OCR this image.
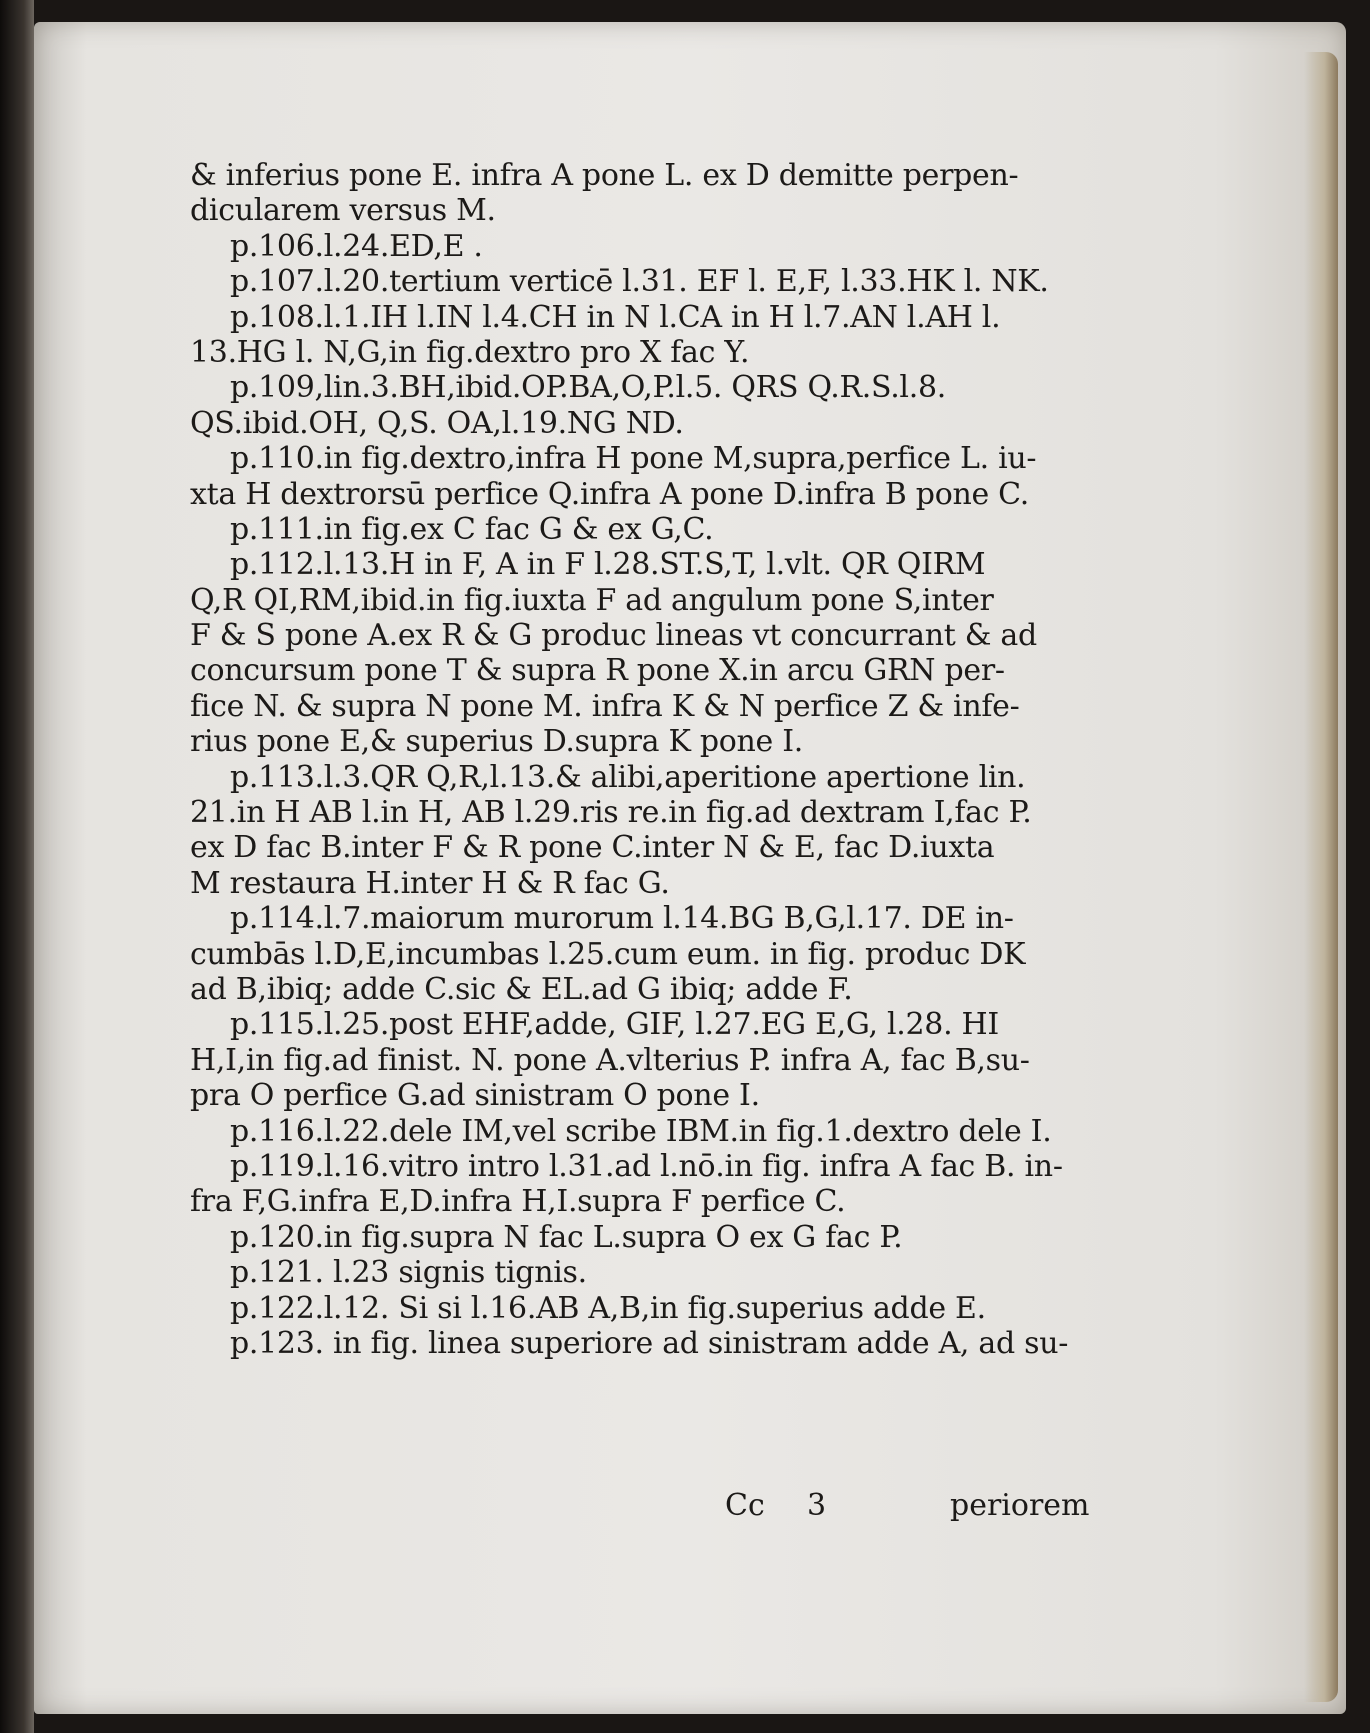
& inferius pone E. infra A pone L. ex D demitte perpen-
dicularem versus M.
p.106.l.24.ED,E .
p.107.l.20.tertium verticē l.31. EF l. E,F, l.33.HK l. NK.
p.108.l.1.IH l.IN l.4.CH in N l.CA in H l.7.AN l.AH l.
13.HG l. N,G,in fig.dextro pro X fac Y.
p.109,lin.3.BH,ibid.OP.BA,O,P.l.5. QRS Q.R.S.l.8.
QS.ibid.OH, Q,S. OA,l.19.NG ND.
p.110.in fig.dextro,infra H pone M,supra,perfice L. iu-
xta H dextrorsū perfice Q.infra A pone D.infra B pone C.
p.111.in fig.ex C fac G & ex G,C.
p.112.l.13.H in F, A in F l.28.ST.S,T, l.vlt. QR QIRM
Q,R QI,RM,ibid.in fig.iuxta F ad angulum pone S,inter
F & S pone A.ex R & G produc lineas vt concurrant & ad
concursum pone T & supra R pone X.in arcu GRN per-
fice N. & supra N pone M. infra K & N perfice Z & infe-
rius pone E,& superius D.supra K pone I.
p.113.l.3.QR Q,R,l.13.& alibi,aperitione apertione lin.
21.in H AB l.in H, AB l.29.ris re.in fig.ad dextram I,fac P.
ex D fac B.inter F & R pone C.inter N & E, fac D.iuxta
M restaura H.inter H & R fac G.
p.114.l.7.maiorum murorum l.14.BG B,G,l.17. DE in-
cumbās l.D,E,incumbas l.25.cum eum. in fig. produc DK
ad B,ibiq; adde C.sic & EL.ad G ibiq; adde F.
p.115.l.25.post EHF,adde, GIF, l.27.EG E,G, l.28. HI
H,I,in fig.ad finist. N. pone A.vlterius P. infra A, fac B,su-
pra O perfice G.ad sinistram O pone I.
p.116.l.22.dele IM,vel scribe IBM.in fig.1.dextro dele I.
p.119.l.16.vitro intro l.31.ad l.nō.in fig. infra A fac B. in-
fra F,G.infra E,D.infra H,I.supra F perfice C.
p.120.in fig.supra N fac L.supra O ex G fac P.
p.121. l.23 signis tignis.
p.122.l.12. Si si l.16.AB A,B,in fig.superius adde E.
p.123. in fig. linea superiore ad sinistram adde A, ad su-
Cc 3	periorem
